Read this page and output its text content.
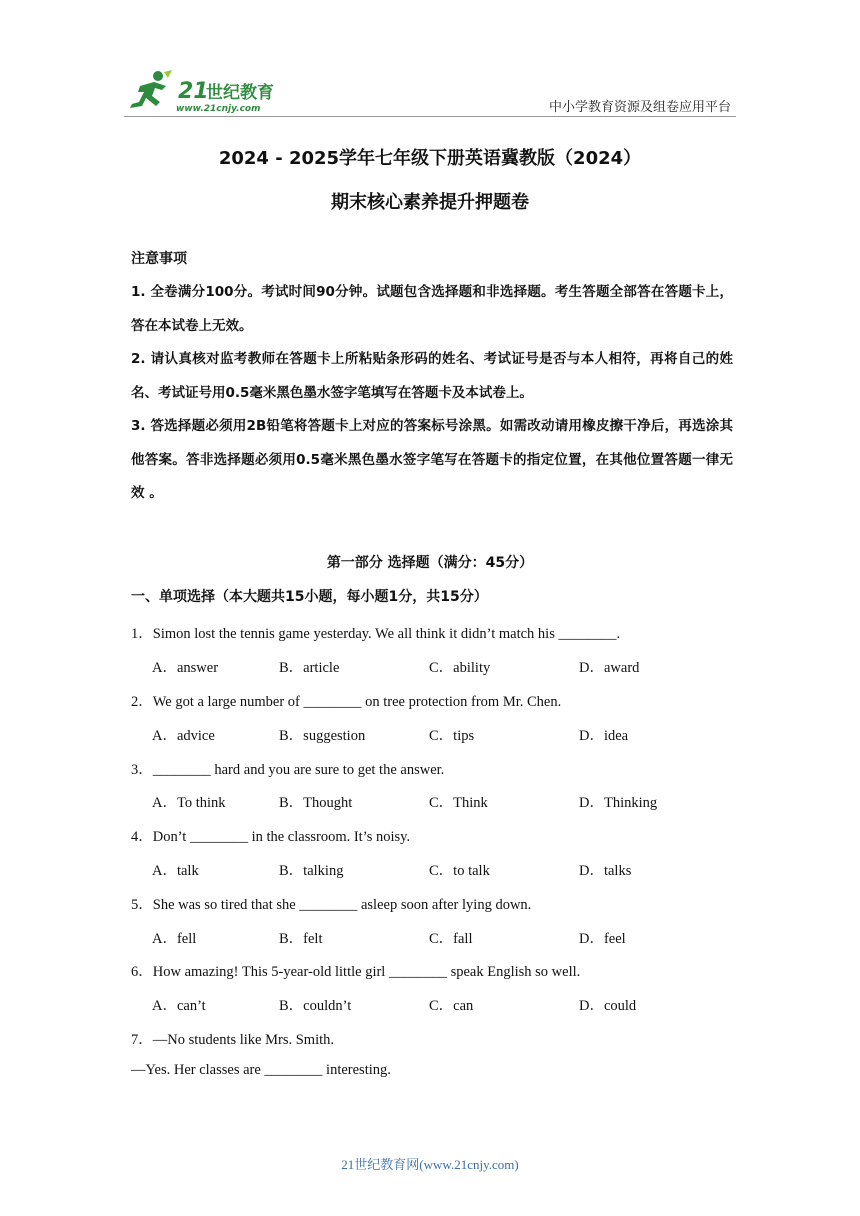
21
世纪教育
www.21cnjy.com	中小学教育资源及组卷应用平台
2024 - 2025学年七年级下册英语冀教版（2024）
期末核心素养提升押题卷
注意事项

1. 全卷满分100分。考试时间90分钟。试题包含选择题和非选择题。考生答题全部答在答题卡上，答在本试卷上无效。

2. 请认真核对监考教师在答题卡上所粘贴条形码的姓名、考试证号是否与本人相符，再将自己的姓名、考试证号用0.5毫米黑色墨水签字笔填写在答题卡及本试卷上。

3. 答选择题必须用2B铅笔将答题卡上对应的答案标号涂黑。如需改动请用橡皮擦干净后，再选涂其他答案。答非选择题必须用0.5毫米黑色墨水签字笔写在答题卡的指定位置，在其他位置答题一律无效 。

第一部分 选择题（满分：45分）
一、单项选择（本大题共15小题，每小题1分，共15分）
1．Simon lost the tennis game yesterday. We all think it didn’t match his ________.
A．answer	B．article	C．ability	D．award
2．We got a large number of ________ on tree protection from Mr. Chen.
A．advice	B．suggestion	C．tips	D．idea
3．________ hard and you are sure to get the answer.
A．To think	B．Thought	C．Think	D．Thinking
4．Don’t ________ in the classroom. It’s noisy.
A．talk	B．talking	C．to talk	D．talks
5．She was so tired that she ________ asleep soon after lying down.
A．fell	B．felt	C．fall	D．feel
6．How amazing! This 5-year-old little girl ________ speak English so well.
A．can’t	B．couldn’t	C．can	D．could
7．—No students like Mrs. Smith.
—Yes. Her classes are ________ interesting.
21世纪教育网(www.21cnjy.com)
